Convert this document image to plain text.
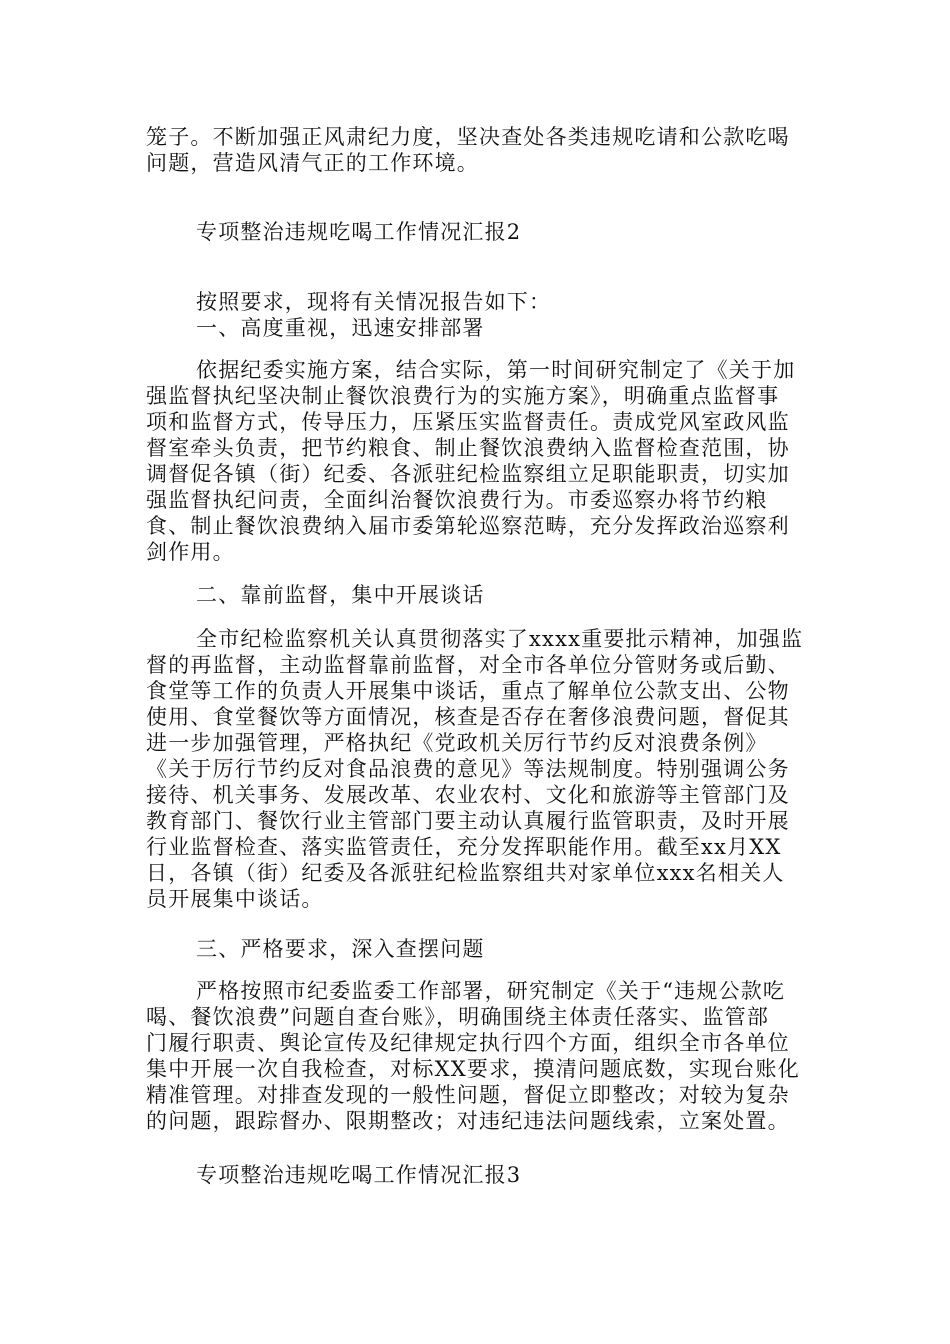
笼子。不断加强正风肃纪力度，坚决查处各类违规吃请和公款吃喝
问题，营造风清气正的工作环境。
专项整治违规吃喝工作情况汇报2
按照要求，现将有关情况报告如下：
一、高度重视，迅速安排部署
依据纪委实施方案，结合实际，第一时间研究制定了《关于加
强监督执纪坚决制止餐饮浪费行为的实施方案》，明确重点监督事
项和监督方式，传导压力，压紧压实监督责任。责成党风室政风监
督室牵头负责，把节约粮食、制止餐饮浪费纳入监督检查范围，协
调督促各镇（街）纪委、各派驻纪检监察组立足职能职责，切实加
强监督执纪问责，全面纠治餐饮浪费行为。市委巡察办将节约粮
食、制止餐饮浪费纳入届市委第轮巡察范畴，充分发挥政治巡察利
剑作用。
二、靠前监督，集中开展谈话
全市纪检监察机关认真贯彻落实了xxxx重要批示精神，加强监
督的再监督，主动监督靠前监督，对全市各单位分管财务或后勤、
食堂等工作的负责人开展集中谈话，重点了解单位公款支出、公物
使用、食堂餐饮等方面情况，核查是否存在奢侈浪费问题，督促其
进一步加强管理，严格执纪《党政机关厉行节约反对浪费条例》
《关于厉行节约反对食品浪费的意见》等法规制度。特别强调公务
接待、机关事务、发展改革、农业农村、文化和旅游等主管部门及
教育部门、餐饮行业主管部门要主动认真履行监管职责，及时开展
行业监督检查、落实监管责任，充分发挥职能作用。截至xx月XX
日，各镇（街）纪委及各派驻纪检监察组共对家单位xxx名相关人
员开展集中谈话。
三、严格要求，深入查摆问题
严格按照市纪委监委工作部署，研究制定《关于“违规公款吃
喝、餐饮浪费”问题自查台账》，明确围绕主体责任落实、监管部
门履行职责、舆论宣传及纪律规定执行四个方面，组织全市各单位
集中开展一次自我检查，对标XX要求，摸清问题底数，实现台账化
精准管理。对排查发现的一般性问题，督促立即整改；对较为复杂
的问题，跟踪督办、限期整改；对违纪违法问题线索，立案处置。
专项整治违规吃喝工作情况汇报3
